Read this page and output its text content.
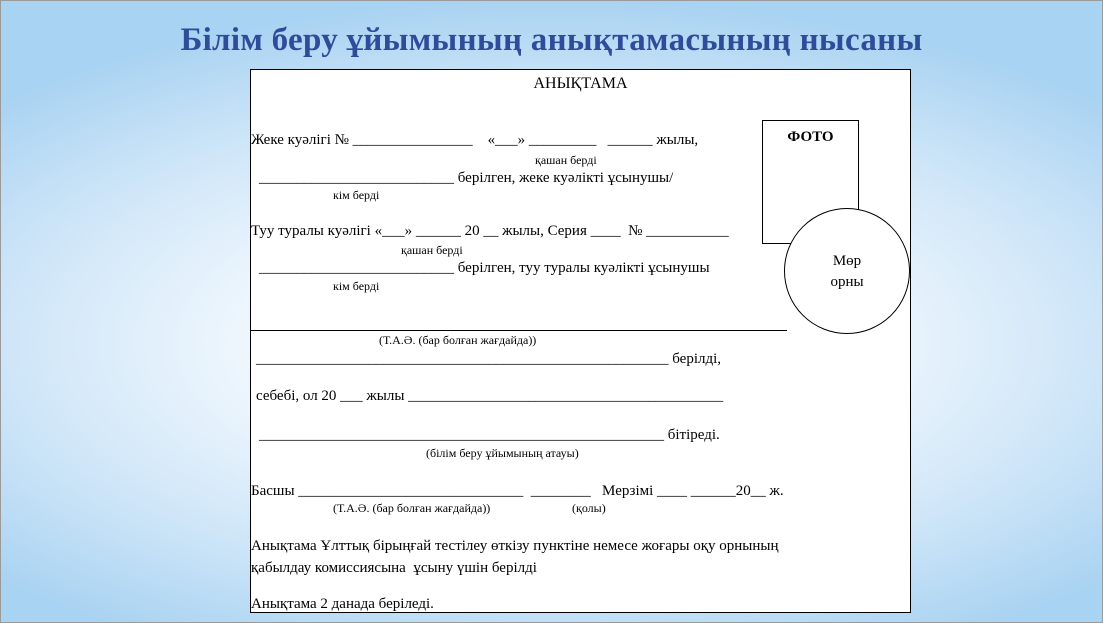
Білім беру ұйымының анықтамасының нысаны
АНЫҚТАМА
ФОТО
Мөр
орны
Жеке куәлігі № ________________    «___» _________   ______ жылы,
қашан берді
__________________________ берілген, жеке куәлікті ұсынушы/
кім берді
Туу туралы куәлігі «___» ______ 20 __ жылы, Серия ____  № ___________
қашан берді
__________________________ берілген, туу туралы куәлікті ұсынушы
кім берді
(Т.А.Ә. (бар болған жағдайда))
_______________________________________________________ берілді,
себебі, ол 20 ___ жылы __________________________________________
______________________________________________________ бітіреді.
(білім беру ұйымының атауы)
Басшы ______________________________  ________   Мерзімі ____ ______20__ ж.
(Т.А.Ә. (бар болған жағдайда))	(қолы)
Анықтама Ұлттық бірыңғай тестілеу өткізу пунктіне немесе жоғары оқу орнының
қабылдау комиссиясына  ұсыну үшін берілді
Анықтама 2 данада беріледі.
